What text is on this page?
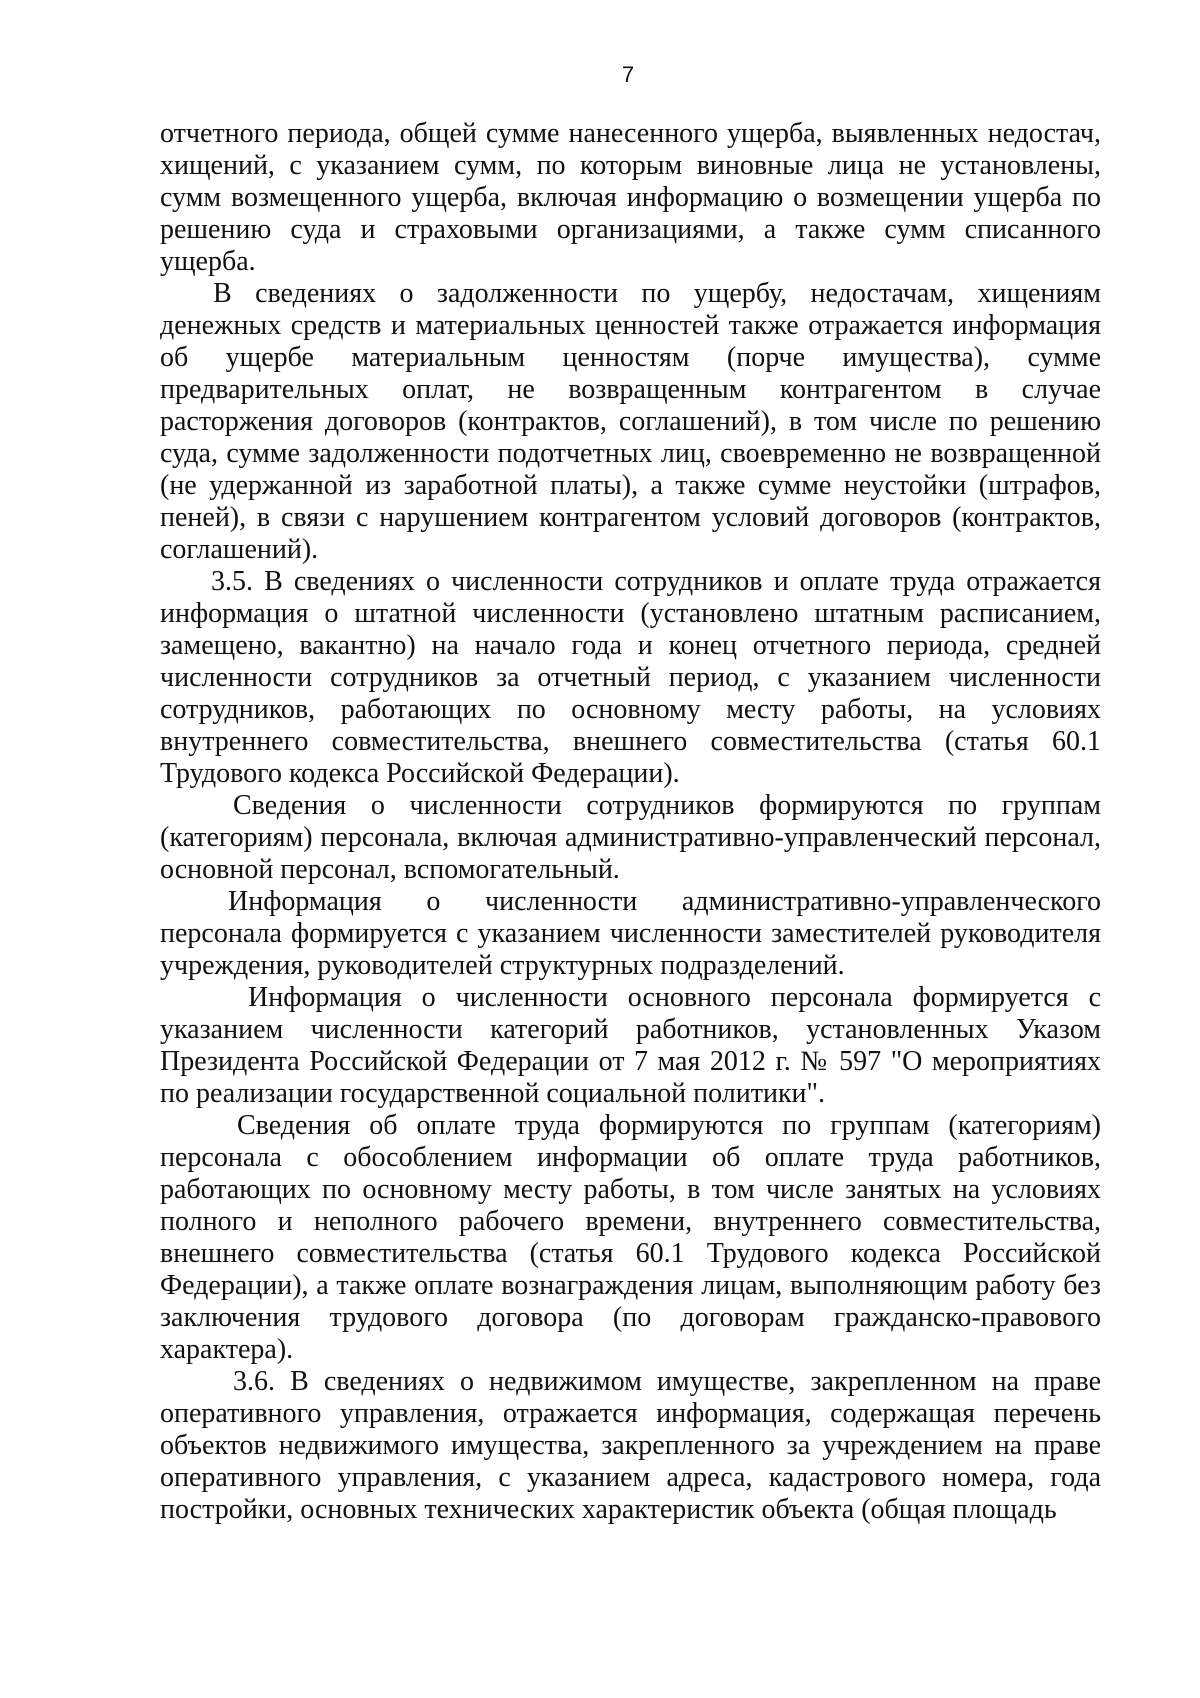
7

отчетного периода, общей сумме нанесенного ущерба, выявленных недостач, хищений, с указанием сумм, по которым виновные лица не установлены, сумм возмещенного ущерба, включая информацию о возмещении ущерба по решению суда и страховыми организациями, а также сумм списанного ущерба.

В сведениях о задолженности по ущербу, недостачам, хищениям денежных средств и материальных ценностей также отражается информация об ущербе материальным ценностям (порче имущества), сумме предварительных оплат, не возвращенным контрагентом в случае расторжения договоров (контрактов, соглашений), в том числе по решению суда, сумме задолженности подотчетных лиц, своевременно не возвращенной (не удержанной из заработной платы), а также сумме неустойки (штрафов, пеней), в связи с нарушением контрагентом условий договоров (контрактов, соглашений).

3.5. В сведениях о численности сотрудников и оплате труда отражается информация о штатной численности (установлено штатным расписанием, замещено, вакантно) на начало года и конец отчетного периода, средней численности сотрудников за отчетный период, с указанием численности сотрудников, работающих по основному месту работы, на условиях внутреннего совместительства, внешнего совместительства (статья 60.1 Трудового кодекса Российской Федерации).

Сведения о численности сотрудников формируются по группам (категориям) персонала, включая административно-управленческий персонал, основной персонал, вспомогательный.

Информация о численности административно-управленческого персонала формируется с указанием численности заместителей руководителя учреждения, руководителей структурных подразделений.

Информация о численности основного персонала формируется с указанием численности категорий работников, установленных Указом Президента Российской Федерации от 7 мая 2012 г. № 597 "О мероприятиях по реализации государственной социальной политики".

Сведения об оплате труда формируются по группам (категориям) персонала с обособлением информации об оплате труда работников, работающих по основному месту работы, в том числе занятых на условиях полного и неполного рабочего времени, внутреннего совместительства, внешнего совместительства (статья 60.1 Трудового кодекса Российской Федерации), а также оплате вознаграждения лицам, выполняющим работу без заключения трудового договора (по договорам гражданско-правового характера).

3.6. В сведениях о недвижимом имуществе, закрепленном на праве оперативного управления, отражается информация, содержащая перечень объектов недвижимого имущества, закрепленного за учреждением на праве оперативного управления, с указанием адреса, кадастрового номера, года постройки, основных технических характеристик объекта (общая площадь
